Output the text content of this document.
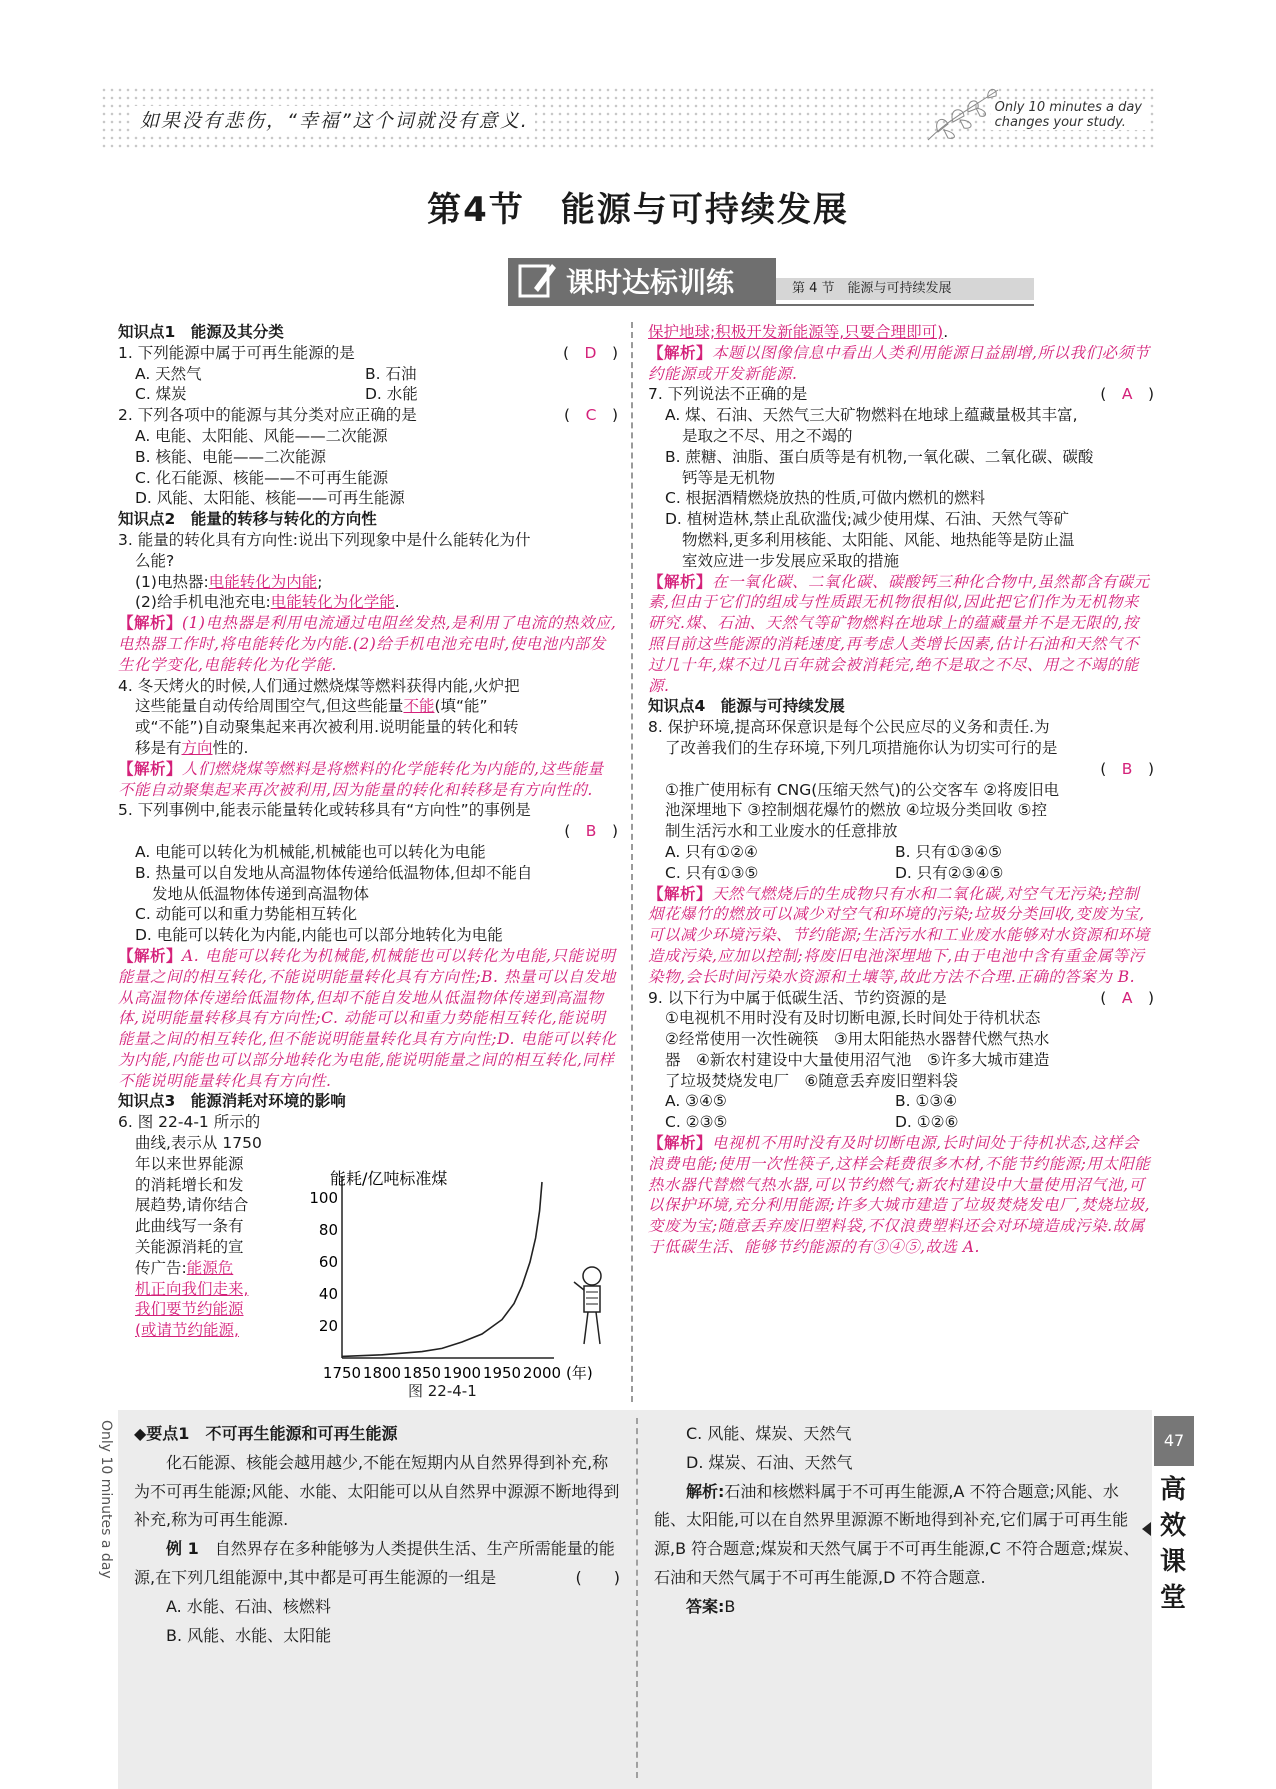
如果没有悲伤，“幸福”这个词就没有意义.
Only 10 minutes a day
changes your study.
第4节　能源与可持续发展
课时达标训练	第 4 节　能源与可持续发展

知识点1　能源及其分类

1. 下列能源中属于可再生能源的是	(　D　)

A. 天然气	B. 石油

C. 煤炭	D. 水能

2. 下列各项中的能源与其分类对应正确的是	(　C　)

A. 电能、太阳能、风能——二次能源

B. 核能、电能——二次能源

C. 化石能源、核能——不可再生能源

D. 风能、太阳能、核能——可再生能源

知识点2　能量的转移与转化的方向性

3. 能量的转化具有方向性:说出下列现象中是什么能转化为什

么能?

(1)电热器:电能转化为内能;

(2)给手机电池充电:电能转化为化学能.

【解析】(1)电热器是利用电流通过电阻丝发热,是利用了电流的热效应,电热器工作时,将电能转化为内能.(2)给手机电池充电时,使电池内部发生化学变化,电能转化为化学能.

4. 冬天烤火的时候,人们通过燃烧煤等燃料获得内能,火炉把

这些能量自动传给周围空气,但这些能量不能(填“能”

或“不能”)自动聚集起来再次被利用.说明能量的转化和转

移是有方向性的.

【解析】人们燃烧煤等燃料是将燃料的化学能转化为内能的,这些能量不能自动聚集起来再次被利用,因为能量的转化和转移是有方向性的.

5. 下列事例中,能表示能量转化或转移具有“方向性”的事例是

(　B　)

A. 电能可以转化为机械能,机械能也可以转化为电能

B. 热量可以自发地从高温物体传递给低温物体,但却不能自

发地从低温物体传递到高温物体

C. 动能可以和重力势能相互转化

D. 电能可以转化为内能,内能也可以部分地转化为电能

【解析】A. 电能可以转化为机械能,机械能也可以转化为电能,只能说明能量之间的相互转化,不能说明能量转化具有方向性;B. 热量可以自发地从高温物体传递给低温物体,但却不能自发地从低温物体传递到高温物体,说明能量转移具有方向性;C. 动能可以和重力势能相互转化,能说明能量之间的相互转化,但不能说明能量转化具有方向性;D. 电能可以转化为内能,内能也可以部分地转化为电能,能说明能量之间的相互转化,同样不能说明能量转化具有方向性.

知识点3　能源消耗对环境的影响

6. 图 22-4-1 所示的

曲线,表示从 1750

年以来世界能源

的消耗增长和发

展趋势,请你结合

此曲线写一条有

关能源消耗的宣

传广告:能源危

机正向我们走来,

我们要节约能源

(或请节约能源,	20
40
60
80
100
1750 1800 1850 1900 1950 2000 (年)
能耗/亿吨标准煤
图 22-4-1

保护地球;积极开发新能源等,只要合理即可).

【解析】本题以图像信息中看出人类利用能源日益剧增,所以我们必须节约能源或开发新能源.

7. 下列说法不正确的是	(　A　)

A. 煤、石油、天然气三大矿物燃料在地球上蕴藏量极其丰富,

是取之不尽、用之不竭的

B. 蔗糖、油脂、蛋白质等是有机物,一氧化碳、二氧化碳、碳酸

钙等是无机物

C. 根据酒精燃烧放热的性质,可做内燃机的燃料

D. 植树造林,禁止乱砍滥伐;减少使用煤、石油、天然气等矿

物燃料,更多利用核能、太阳能、风能、地热能等是防止温

室效应进一步发展应采取的措施

【解析】在一氧化碳、二氧化碳、碳酸钙三种化合物中,虽然都含有碳元素,但由于它们的组成与性质跟无机物很相似,因此把它们作为无机物来研究.煤、石油、天然气等矿物燃料在地球上的蕴藏量并不是无限的,按照目前这些能源的消耗速度,再考虑人类增长因素,估计石油和天然气不过几十年,煤不过几百年就会被消耗完,绝不是取之不尽、用之不竭的能源.

知识点4　能源与可持续发展

8. 保护环境,提高环保意识是每个公民应尽的义务和责任.为

了改善我们的生存环境,下列几项措施你认为切实可行的是

(　B　)

①推广使用标有 CNG(压缩天然气)的公交客车 ②将废旧电

池深埋地下 ③控制烟花爆竹的燃放 ④垃圾分类回收 ⑤控

制生活污水和工业废水的任意排放

A. 只有①②④	B. 只有①③④⑤

C. 只有①③⑤	D. 只有②③④⑤

【解析】天然气燃烧后的生成物只有水和二氧化碳,对空气无污染;控制烟花爆竹的燃放可以减少对空气和环境的污染;垃圾分类回收,变废为宝,可以减少环境污染、节约能源;生活污水和工业废水能够对水资源和环境造成污染,应加以控制;将废旧电池深埋地下,由于电池中含有重金属等污染物,会长时间污染水资源和土壤等,故此方法不合理.正确的答案为 B.

9. 以下行为中属于低碳生活、节约资源的是	(　A　)

①电视机不用时没有及时切断电源,长时间处于待机状态

②经常使用一次性碗筷　③用太阳能热水器替代燃气热水

器　④新农村建设中大量使用沼气池　⑤许多大城市建造

了垃圾焚烧发电厂　⑥随意丢弃废旧塑料袋

A. ③④⑤	B. ①③④

C. ②③⑤	D. ①②⑥

【解析】电视机不用时没有及时切断电源,长时间处于待机状态,这样会浪费电能;使用一次性筷子,这样会耗费很多木材,不能节约能源;用太阳能热水器代替燃气热水器,可以节约燃气;新农村建设中大量使用沼气池,可以保护环境,充分利用能源;许多大城市建造了垃圾焚烧发电厂,焚烧垃圾,变废为宝;随意丢弃废旧塑料袋,不仅浪费塑料还会对环境造成污染.故属于低碳生活、能够节约能源的有③④⑤,故选 A.

Only 10 minutes a day ◆要点1　不可再生能源和可再生能源

化石能源、核能会越用越少,不能在短期内从自然界得到补充,称为不可再生能源;风能、水能、太阳能可以从自然界中源源不断地得到补充,称为可再生能源.

例 1　 自然界存在多种能够为人类提供生活、生产所需能量的能源,在下列几组能源中,其中都是可再生能源的一组是	(　　)

A. 水能、石油、核燃料

B. 风能、水能、太阳能

C. 风能、煤炭、天然气

D. 煤炭、石油、天然气

解析:石油和核燃料属于不可再生能源,A 不符合题意;风能、水能、太阳能,可以在自然界里源源不断地得到补充,它们属于可再生能源,B 符合题意;煤炭和天然气属于不可再生能源,C 不符合题意;煤炭、石油和天然气属于不可再生能源,D 不符合题意.

答案:B

47
高效课堂
